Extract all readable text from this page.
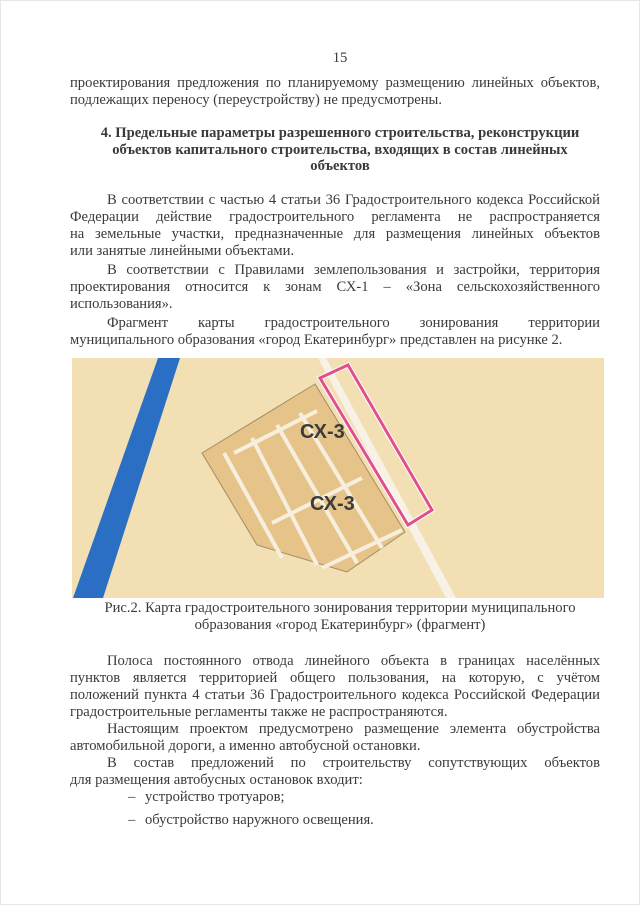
15
проектирования предложения по планируемому размещению линейных объектов,
подлежащих переносу (переустройству) не предусмотрены.
4. Предельные параметры разрешенного строительства, реконструкции
объектов капитального строительства, входящих в состав линейных
объектов
В соответствии с частью 4 статьи 36 Градостроительного кодекса Российской
Федерации действие градостроительного регламента не распространяется
на земельные участки, предназначенные для размещения линейных объектов
или занятые линейными объектами.
В соответствии с Правилами землепользования и застройки, территория
проектирования относится к зонам СХ-1 – «Зона сельскохозяйственного
использования».
Фрагмент карты градостроительного зонирования территории
муниципального образования «город Екатеринбург» представлен на рисунке 2.
СХ-3
СХ-3
Рис.2. Карта градостроительного зонирования территории муниципального
образования «город Екатеринбург» (фрагмент)
Полоса постоянного отвода линейного объекта в границах населённых
пунктов является территорией общего пользования, на которую, с учётом
положений пункта 4 статьи 36 Градостроительного кодекса Российской Федерации
градостроительные регламенты также не распространяются.
Настоящим проектом предусмотрено размещение элемента обустройства
автомобильной дороги, а именно автобусной остановки.
В состав предложений по строительству сопутствующих объектов
для размещения автобусных остановок входит:
– устройство тротуаров;
– обустройство наружного освещения.
